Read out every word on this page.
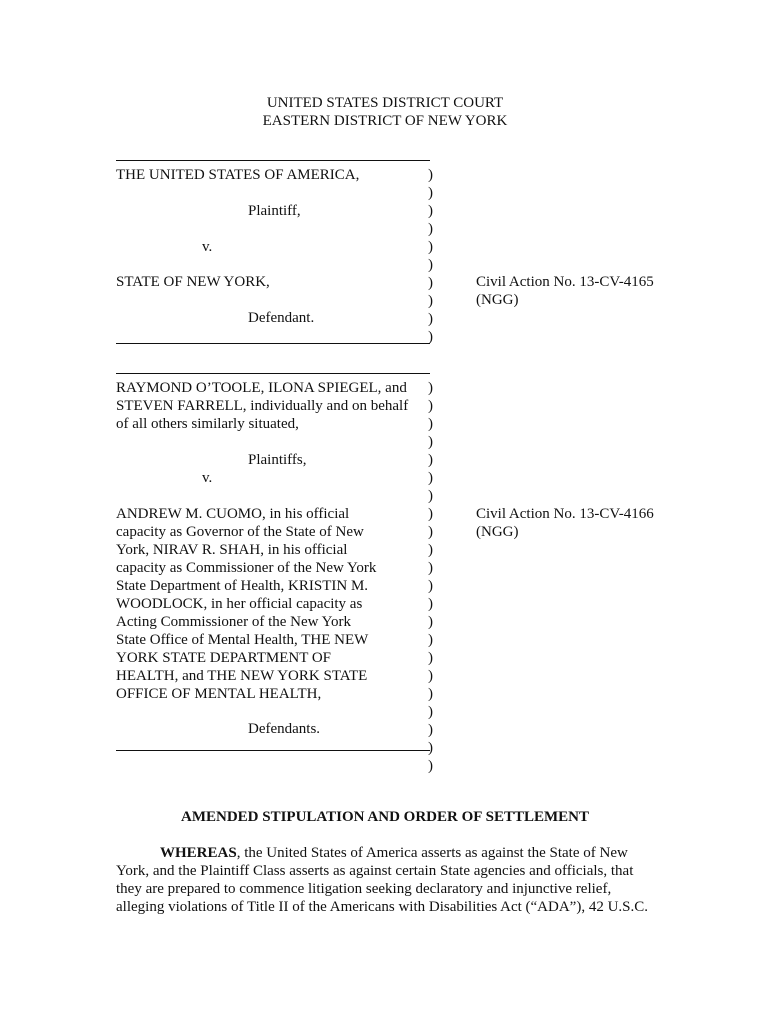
UNITED STATES DISTRICT COURT
EASTERN DISTRICT OF NEW YORK
THE UNITED STATES OF AMERICA,
Plaintiff,
v.
STATE OF NEW YORK,
Defendant.
)
)
)
)
)
)
)
)
)
)
Civil Action No. 13-CV-4165
(NGG)
RAYMOND O’TOOLE, ILONA SPIEGEL, and
STEVEN FARRELL, individually and on behalf
of all others similarly situated,
Plaintiffs,
v.
ANDREW M. CUOMO, in his official
capacity as Governor of the State of New
York, NIRAV R. SHAH, in his official
capacity as Commissioner of the New York
State Department of Health, KRISTIN M.
WOODLOCK, in her official capacity as
Acting Commissioner of the New York
State Office of Mental Health, THE NEW
YORK STATE DEPARTMENT OF
HEALTH, and THE NEW YORK STATE
OFFICE OF MENTAL HEALTH,
Defendants.
)
)
)
)
)
)
)
)
)
)
)
)
)
)
)
)
)
)
)
)
)
)
Civil Action No. 13-CV-4166
(NGG)
AMENDED STIPULATION AND ORDER OF SETTLEMENT

WHEREAS, the United States of America asserts as against the State of New

York, and the Plaintiff Class asserts as against certain State agencies and officials, that

they are prepared to commence litigation seeking declaratory and injunctive relief,

alleging violations of Title II of the Americans with Disabilities Act (“ADA”), 42 U.S.C.
